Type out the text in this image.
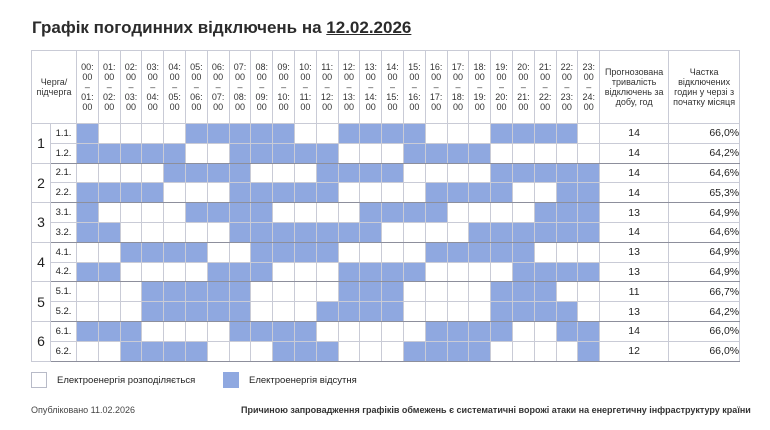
Графік погодинних відключень на 12.02.2026
Черга/
підчерга		00:
00
–
01:
00	01:
00
–
02:
00	02:
00
–
03:
00	03:
00
–
04:
00	04:
00
–
05:
00	05:
00
–
06:
00	06:
00
–
07:
00	07:
00
–
08:
00	08:
00
–
09:
00	09:
00
–
10:
00	10:
00
–
11:
00	11:
00
–
12:
00	12:
00
–
13:
00	13:
00
–
14:
00	14:
00
–
15:
00	15:
00
–
16:
00	16:
00
–
17:
00	17:
00
–
18:
00	18:
00
–
19:
00	19:
00
–
20:
00	20:
00
–
21:
00	21:
00
–
22:
00	22:
00
–
23:
00	23:
00
–
24:
00	Прогнозована тривалість відключень за добу, год	Частка відключених годин у черзі з початку місяця
1	1.1.																									14	66,0%
	1.2.																									14	64,2%
2	2.1.																									14	64,6%
	2.2.																									14	65,3%
3	3.1.																									13	64,9%
	3.2.																									14	64,6%
4	4.1.																									13	64,9%
	4.2.																									13	64,9%
5	5.1.																									11	66,7%
	5.2.																									13	64,2%
6	6.1.																									14	66,0%
	6.2.																									12	66,0%
Електроенергія розподіляється	Електроенергія відсутня
Опубліковано 11.02.2026	Причиною запровадження графіків обмежень є систематичні ворожі атаки на енергетичну інфраструктуру країни
